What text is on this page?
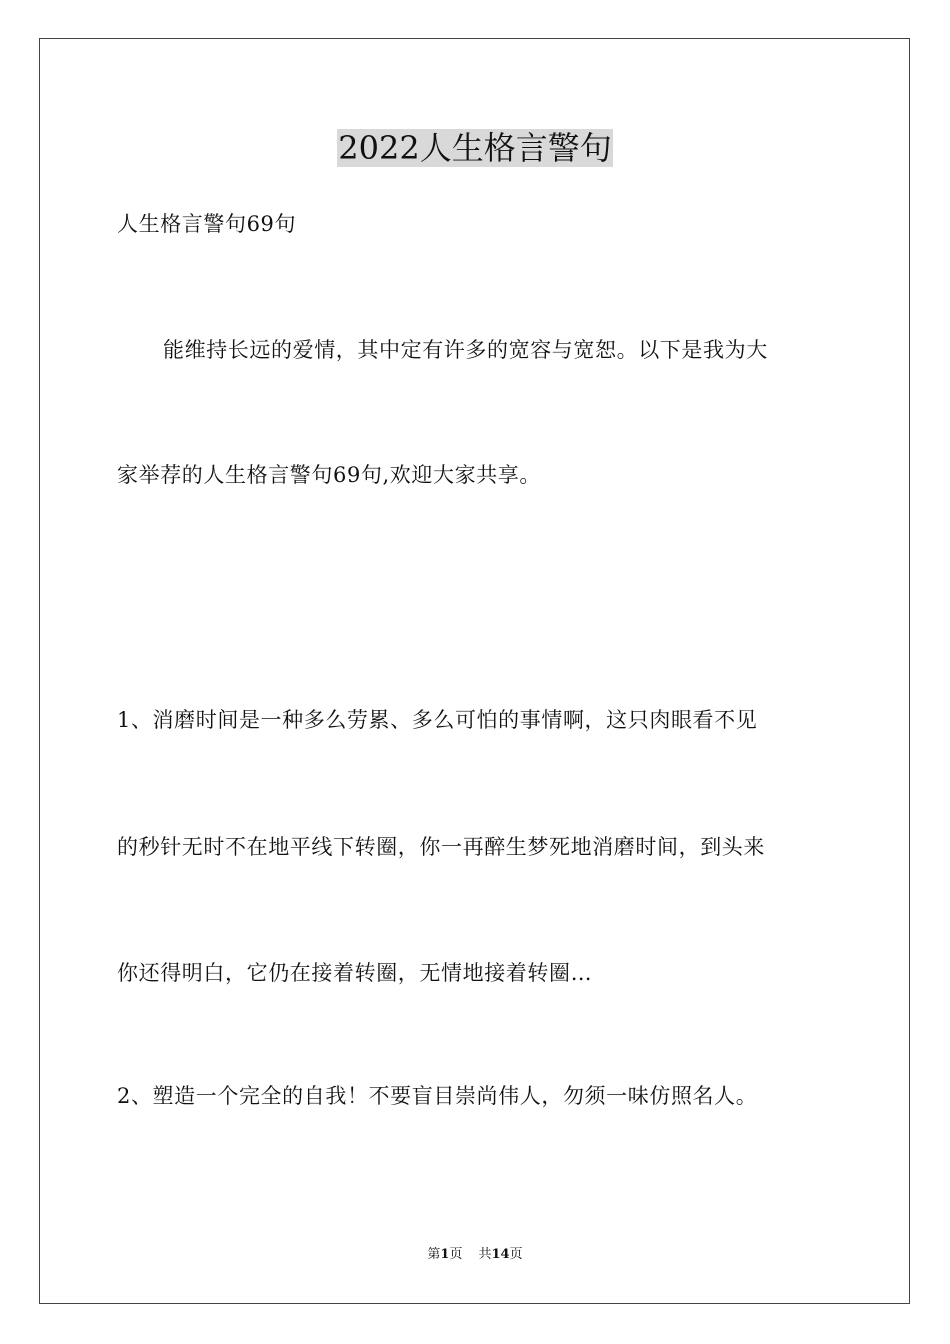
2022人生格言警句
人生格言警句69句
能维持长远的爱情，其中定有许多的宽容与宽恕。以下是我为大
家举荐的人生格言警句69句,欢迎大家共享。
1、消磨时间是一种多么劳累、多么可怕的事情啊，这只肉眼看不见
的秒针无时不在地平线下转圈，你一再醉生梦死地消磨时间，到头来
你还得明白，它仍在接着转圈，无情地接着转圈…
2、塑造一个完全的自我！不要盲目崇尚伟人，勿须一味仿照名人。
第1页 共14页
